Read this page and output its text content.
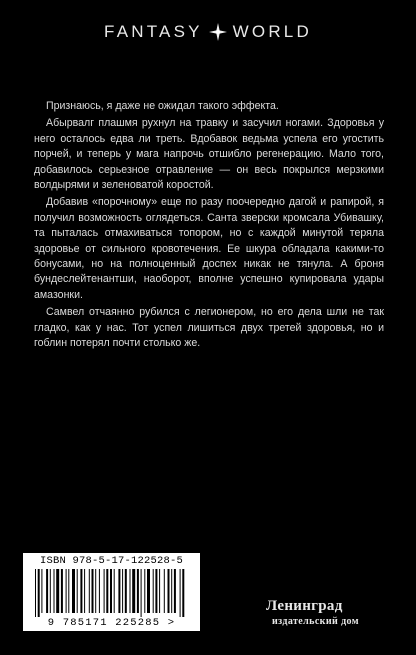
FANTASY WORLD

Признаюсь, я даже не ожидал такого эффекта.

Абырвалг плашмя рухнул на травку и засучил ногами. Здоровья у него осталось едва ли треть. Вдобавок ведьма успела его угостить порчей, и теперь у мага напрочь отшибло регенерацию. Мало того, добавилось серьезное отравление — он весь покрылся мерзкими волдырями и зеленоватой коростой.

Добавив «порочному» еще по разу поочередно дагой и рапирой, я получил возможность оглядеться. Санта зверски кромсала Убивашку, та пыталась отмахиваться топором, но с каждой минутой теряла здоровье от сильного кровотечения. Ее шкура обладала какими-то бонусами, но на полноценный доспех никак не тянула. А броня бундеслейтенантши, наоборот, вполне успешно купировала удары амазонки.

Самвел отчаянно рубился с легионером, но его дела шли не так гладко, как у нас. Тот успел лишиться двух третей здоровья, но и гоблин потерял почти столько же.

ISBN 978-5-17-122528-5
9 785171 225285 >
Ленинград
издательский дом
